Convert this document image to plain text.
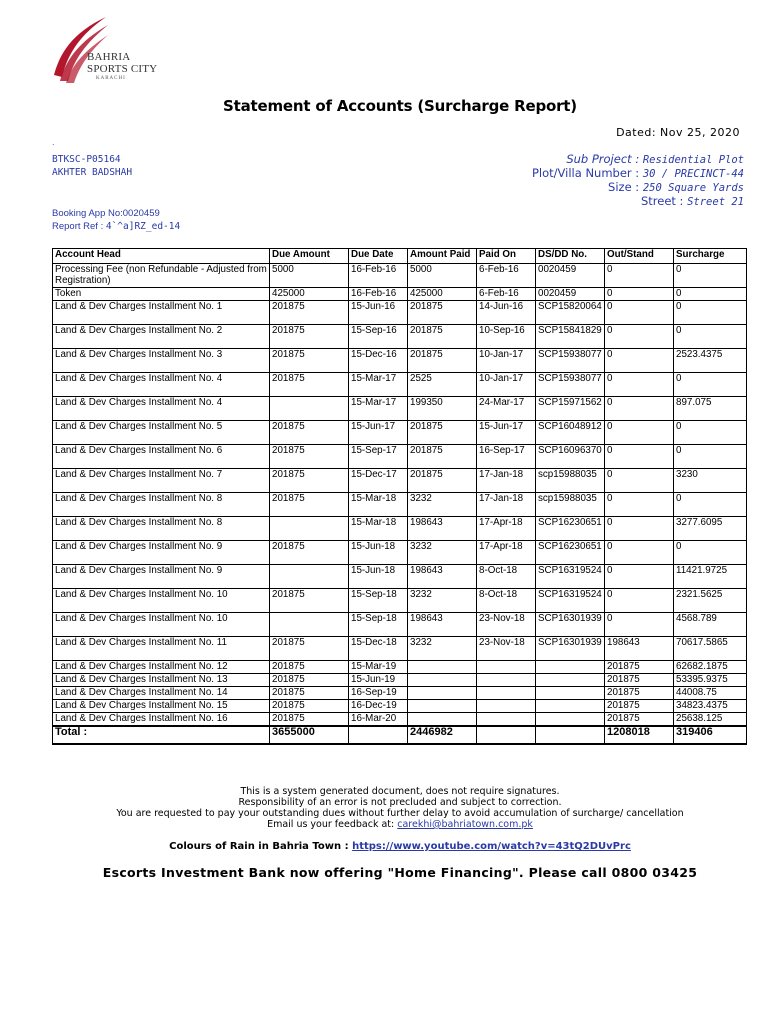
BAHRIA
SPORTS CITY
KARACHI
Statement of Accounts (Surcharge Report)
Dated: Nov 25, 2020
.
BTKSC-P05164
AKHTER BADSHAH
Sub Project : Residential Plot
Plot/Villa Number : 30 / PRECINCT-44
Size : 250 Square Yards
Street : Street 21
Booking App No:0020459
Report Ref : 4`^a]RZ_ed-14
Account Head	Due Amount	Due Date	Amount Paid	Paid On	DS/DD No.	Out/Stand	Surcharge
Processing Fee (non Refundable - Adjusted from Registration)	5000	16-Feb-16	5000	6-Feb-16	0020459	0	0
Token	425000	16-Feb-16	425000	6-Feb-16	0020459	0	0
Land & Dev Charges Installment No. 1	201875	15-Jun-16	201875	14-Jun-16	SCP15820064	0	0
Land & Dev Charges Installment No. 2	201875	15-Sep-16	201875	10-Sep-16	SCP15841829	0	0
Land & Dev Charges Installment No. 3	201875	15-Dec-16	201875	10-Jan-17	SCP15938077	0	2523.4375
Land & Dev Charges Installment No. 4	201875	15-Mar-17	2525	10-Jan-17	SCP15938077	0	0
Land & Dev Charges Installment No. 4		15-Mar-17	199350	24-Mar-17	SCP15971562	0	897.075
Land & Dev Charges Installment No. 5	201875	15-Jun-17	201875	15-Jun-17	SCP16048912	0	0
Land & Dev Charges Installment No. 6	201875	15-Sep-17	201875	16-Sep-17	SCP16096370	0	0
Land & Dev Charges Installment No. 7	201875	15-Dec-17	201875	17-Jan-18	scp15988035	0	3230
Land & Dev Charges Installment No. 8	201875	15-Mar-18	3232	17-Jan-18	scp15988035	0	0
Land & Dev Charges Installment No. 8		15-Mar-18	198643	17-Apr-18	SCP16230651	0	3277.6095
Land & Dev Charges Installment No. 9	201875	15-Jun-18	3232	17-Apr-18	SCP16230651	0	0
Land & Dev Charges Installment No. 9		15-Jun-18	198643	8-Oct-18	SCP16319524	0	11421.9725
Land & Dev Charges Installment No. 10	201875	15-Sep-18	3232	8-Oct-18	SCP16319524	0	2321.5625
Land & Dev Charges Installment No. 10		15-Sep-18	198643	23-Nov-18	SCP16301939	0	4568.789
Land & Dev Charges Installment No. 11	201875	15-Dec-18	3232	23-Nov-18	SCP16301939	198643	70617.5865
Land & Dev Charges Installment No. 12	201875	15-Mar-19				201875	62682.1875
Land & Dev Charges Installment No. 13	201875	15-Jun-19				201875	53395.9375
Land & Dev Charges Installment No. 14	201875	16-Sep-19				201875	44008.75
Land & Dev Charges Installment No. 15	201875	16-Dec-19				201875	34823.4375
Land & Dev Charges Installment No. 16	201875	16-Mar-20				201875	25638.125
Total :	3655000		2446982			1208018	319406
This is a system generated document, does not require signatures.
Responsibility of an error is not precluded and subject to correction.
You are requested to pay your outstanding dues without further delay to avoid accumulation of surcharge/ cancellation
Email us your feedback at: carekhi@bahriatown.com.pk
Colours of Rain in Bahria Town : https://www.youtube.com/watch?v=43tQ2DUvPrc
Escorts Investment Bank now offering "Home Financing". Please call 0800 03425
